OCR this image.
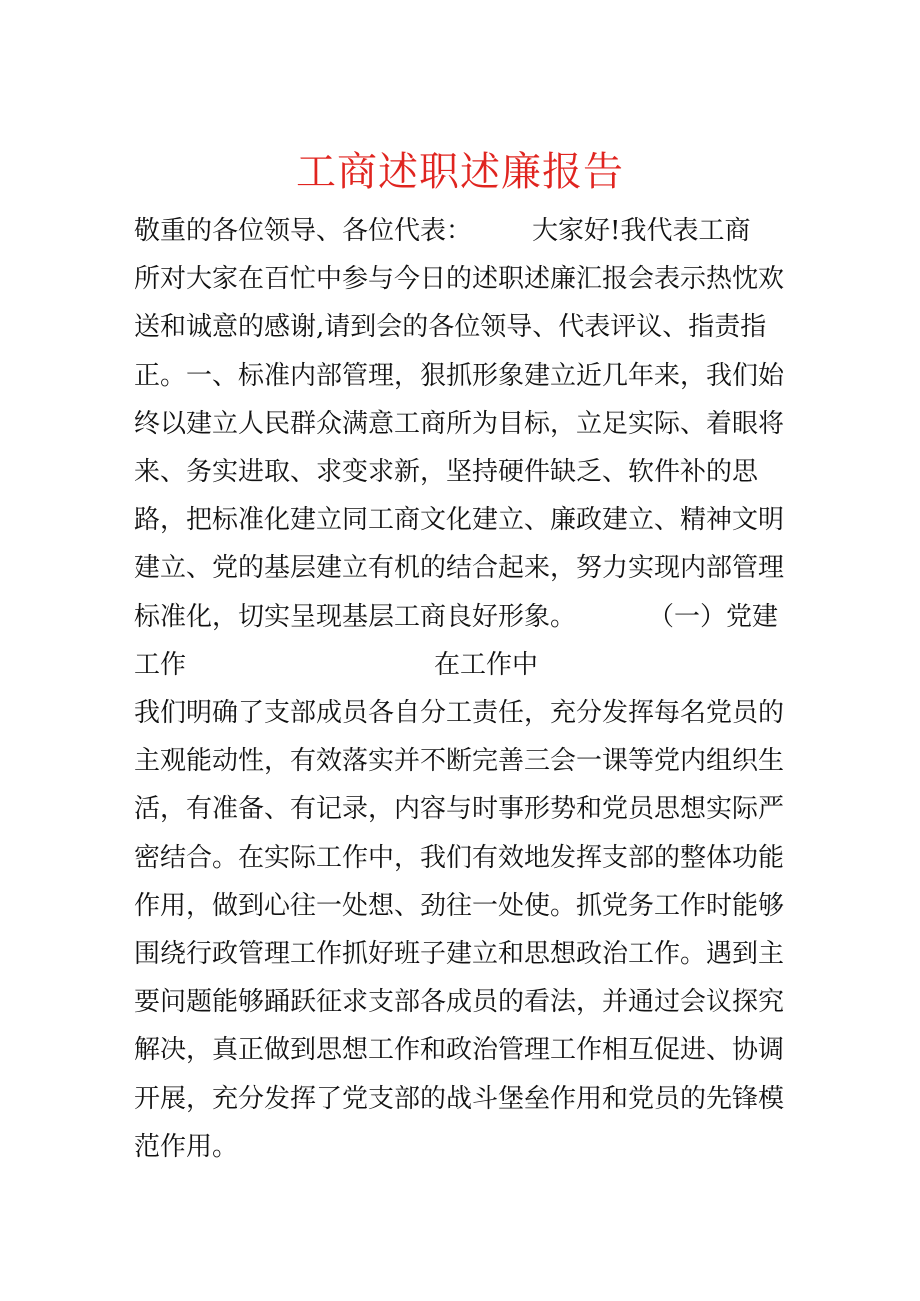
工商述职述廉报告
敬重的各位领导、各位代表： 大家好!我代表工商
所对大家在百忙中参与今日的述职述廉汇报会表示热忱欢
送和诚意的感谢,请到会的各位领导、代表评议、指责指
正。一、标准内部管理，狠抓形象建立近几年来，我们始
终以建立人民群众满意工商所为目标，立足实际、着眼将
来、务实进取、求变求新，坚持硬件缺乏、软件补的思
路，把标准化建立同工商文化建立、廉政建立、精神文明
建立、党的基层建立有机的结合起来，努力实现内部管理
标准化，切实呈现基层工商良好形象。	（一）党建
工作	在工作中
我们明确了支部成员各自分工责任，充分发挥每名党员的
主观能动性，有效落实并不断完善三会一课等党内组织生
活，有准备、有记录，内容与时事形势和党员思想实际严
密结合。在实际工作中，我们有效地发挥支部的整体功能
作用，做到心往一处想、劲往一处使。抓党务工作时能够
围绕行政管理工作抓好班子建立和思想政治工作。遇到主
要问题能够踊跃征求支部各成员的看法，并通过会议探究
解决，真正做到思想工作和政治管理工作相互促进、协调
开展，充分发挥了党支部的战斗堡垒作用和党员的先锋模
范作用。
